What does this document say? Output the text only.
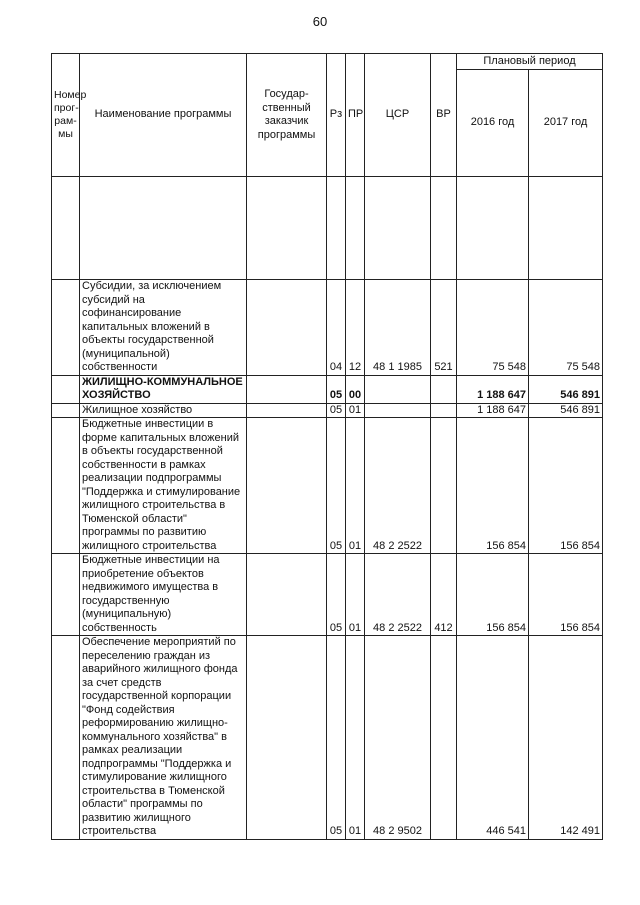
60
Номер прог-рам-мы	Наименование программы	Государ-ственный заказчик программы	Рз	ПР	ЦСР	ВР	Плановый период	
							2016 год	2017 год

	Субсидии, за исключением субсидий на софинансирование капитальных вложений в объекты государственной (муниципальной) собственности		04	12	48 1 1985	521	75 548	75 548
	ЖИЛИЩНО-КОММУНАЛЬНОЕ ХОЗЯЙСТВО		05	00			1 188 647	546 891
	Жилищное хозяйство		05	01			1 188 647	546 891
	Бюджетные инвестиции в форме капитальных вложений в объекты государственной собственности в рамках реализации подпрограммы "Поддержка и стимулирование жилищного строительства в Тюменской области" программы по развитию жилищного строительства		05	01	48 2 2522		156 854	156 854
	Бюджетные инвестиции на приобретение объектов недвижимого имущества в государственную (муниципальную) собственность		05	01	48 2 2522	412	156 854	156 854
	Обеспечение мероприятий по переселению граждан из аварийного жилищного фонда за счет средств государственной корпорации "Фонд содействия реформированию жилищно-коммунального хозяйства" в рамках реализации подпрограммы "Поддержка и стимулирование жилищного строительства в Тюменской области" программы по развитию жилищного строительства		05	01	48 2 9502		446 541	142 491
